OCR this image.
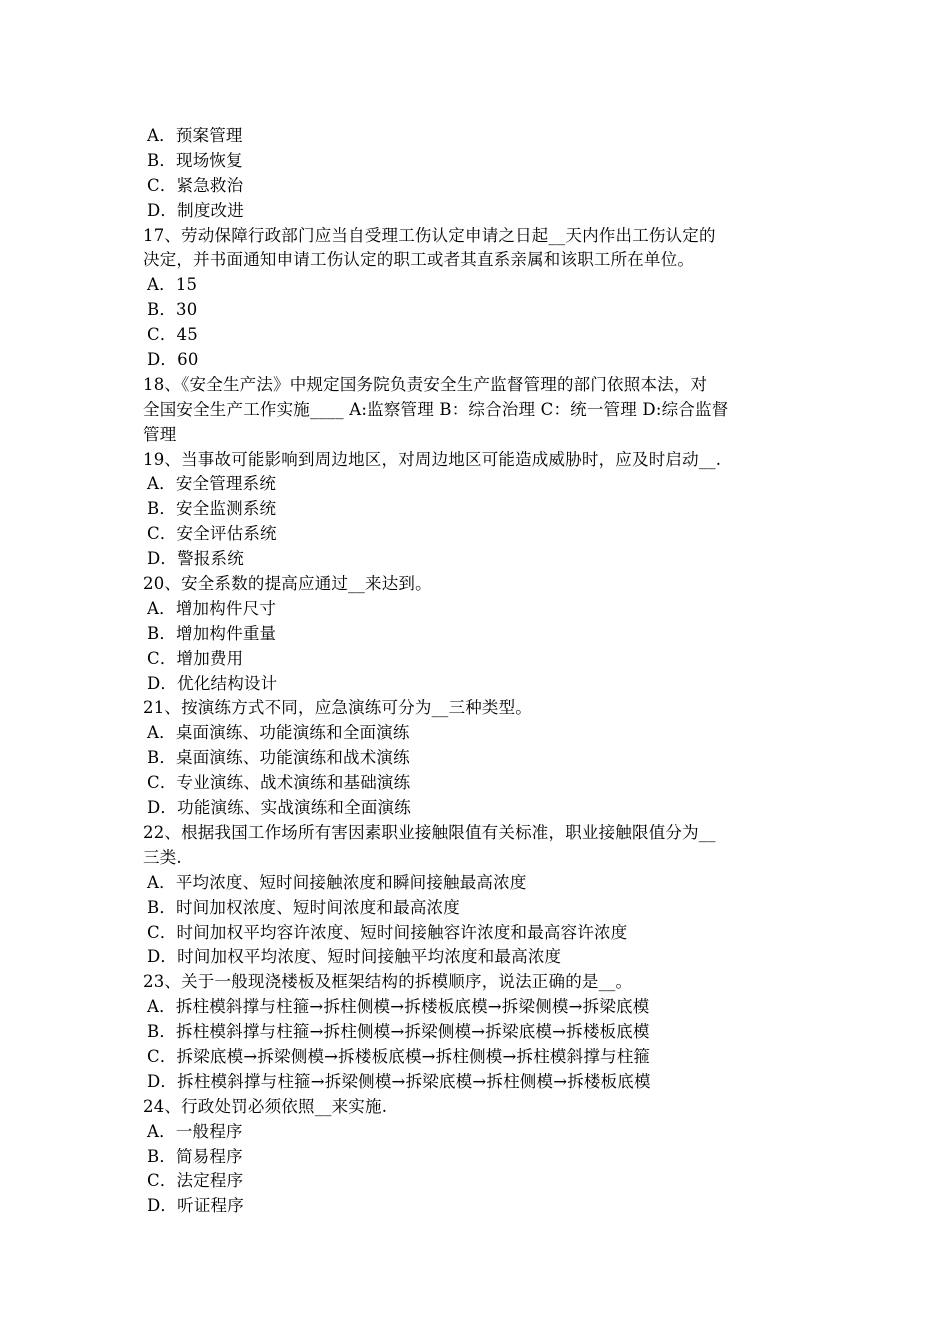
A．预案管理
B．现场恢复
C．紧急救治
D．制度改进
17、劳动保障行政部门应当自受理工伤认定申请之日起__天内作出工伤认定的
决定，并书面通知申请工伤认定的职工或者其直系亲属和该职工所在单位。
A．15
B．30
C．45
D．60
18、《安全生产法》中规定国务院负责安全生产监督管理的部门依照本法，对
全国安全生产工作实施____ A:监察管理 B：综合治理 C：统一管理 D:综合监督
管理
19、当事故可能影响到周边地区，对周边地区可能造成威胁时，应及时启动__.
A．安全管理系统
B．安全监测系统
C．安全评估系统
D．警报系统
20、安全系数的提高应通过__来达到。
A．增加构件尺寸
B．增加构件重量
C．增加费用
D．优化结构设计
21、按演练方式不同，应急演练可分为__三种类型。
A．桌面演练、功能演练和全面演练
B．桌面演练、功能演练和战术演练
C．专业演练、战术演练和基础演练
D．功能演练、实战演练和全面演练
22、根据我国工作场所有害因素职业接触限值有关标准，职业接触限值分为__
三类.
A．平均浓度、短时间接触浓度和瞬间接触最高浓度
B．时间加权浓度、短时间浓度和最高浓度
C．时间加权平均容许浓度、短时间接触容许浓度和最高容许浓度
D．时间加权平均浓度、短时间接触平均浓度和最高浓度
23、关于一般现浇楼板及框架结构的拆模顺序，说法正确的是__。
A．拆柱模斜撑与柱箍→拆柱侧模→拆楼板底模→拆梁侧模→拆梁底模
B．拆柱模斜撑与柱箍→拆柱侧模→拆梁侧模→拆梁底模→拆楼板底模
C．拆梁底模→拆梁侧模→拆楼板底模→拆柱侧模→拆柱模斜撑与柱箍
D．拆柱模斜撑与柱箍→拆梁侧模→拆梁底模→拆柱侧模→拆楼板底模
24、行政处罚必须依照__来实施.
A．一般程序
B．简易程序
C．法定程序
D．听证程序
